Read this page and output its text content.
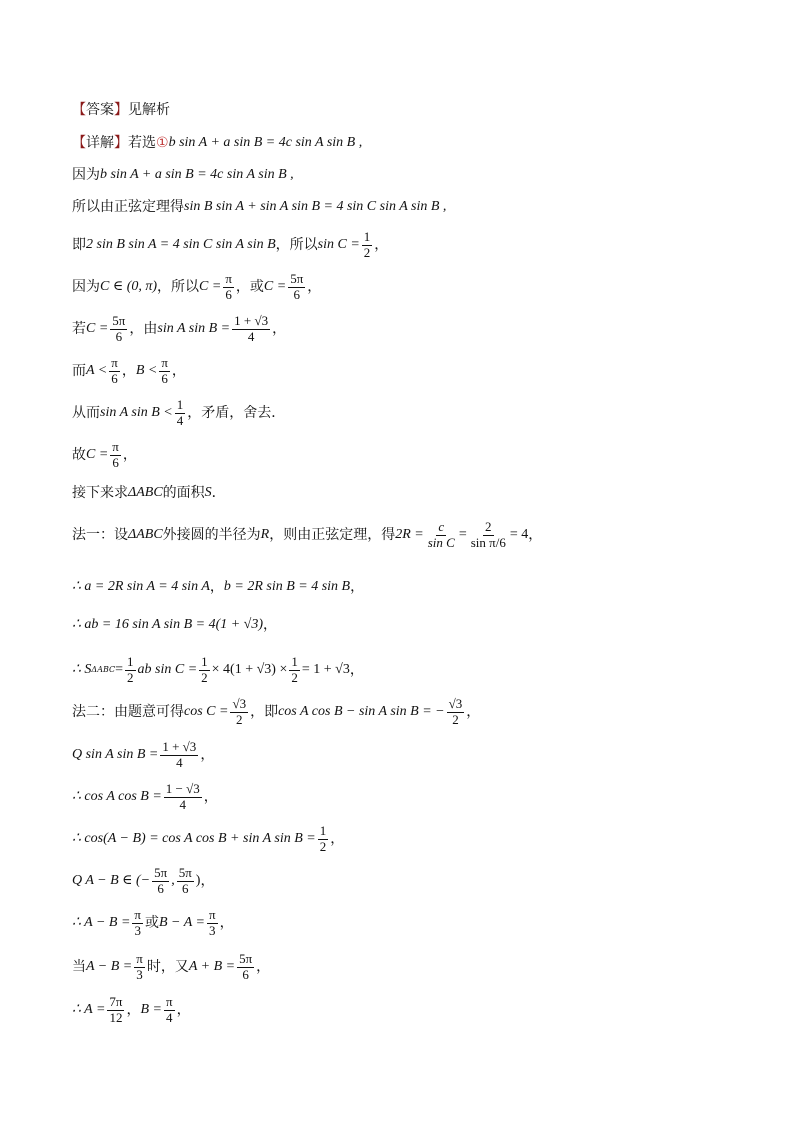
【 答案 】 见解析
【 详解 】 若选 ① b sin A + a sin B = 4c sin A sin B ,
因为 b sin A + a sin B = 4c sin A sin B ,
所以由正弦定理得 sin B sin A + sin A sin B = 4 sin C sin A sin B ,
即 2 sin B sin A = 4 sin C sin A sin B ，所以 $\sin C = \frac{1}{2}$ ，
因为 C ∈ (0, π) ，所以 $C = \frac{\pi}{6}$ ，或 $C = \frac{5\pi}{6}$ ，
若 $C = \frac{5\pi}{6}$ ，由 sin A $\sin B = \frac{1 + √3}{4}$ ，
而 $A < \frac{\pi}{6}$ ， $B < \frac{\pi}{6}$ ，
从而 sin A $\sin B < \frac{1}{4}$ ，矛盾，舍去．
故 $C = \frac{\pi}{6}$ ，
接下来求 ΔABC 的面积 S ．
法一：设 ΔABC 外接圆的半径为 R ，则由正弦定理，得 $2R = \frac{c}{\text{sin C}} = \frac{2}{\text{sin π/6}} = 4$ ，
∴ a = 2R sin A = 4 sin A ， b = 2R sin B = 4 sin B ，
∴ ab = 16 sin A sin B = 4(1 + √3) ，
∴ S $\Delta ABC = \frac{1}{2}$ ab $\sin C = \frac{1}{2} \times 4(1 + √3) \times \frac{1}{2} = 1 + √3$ ，
法二：由题意可得 $\cos C = \frac{√3}{2}$ ，即 cos A cos B − sin A sin B = − $\frac{√3}{2}$ ，
Q sin A $\sin B = \frac{1 + √3}{4}$ ，
∴ cos A $\cos B = \frac{1 - √3}{4}$ ，
∴ cos(A − B) = cos A cos B + sin A $\sin B = \frac{1}{2}$ ，
Q A − B ∈ (− $\frac{5\pi}{6}$ , $\frac{5\pi}{6}$ ) ，
∴ $A - B = \frac{\pi}{3}$ 或 $B - A = \frac{\pi}{3}$ ，
当 $A - B = \frac{\pi}{3}$ 时，又 $A + B = \frac{5\pi}{6}$ ，
∴ $A = \frac{7\pi}{12}$ ， $B = \frac{\pi}{4}$ ，
